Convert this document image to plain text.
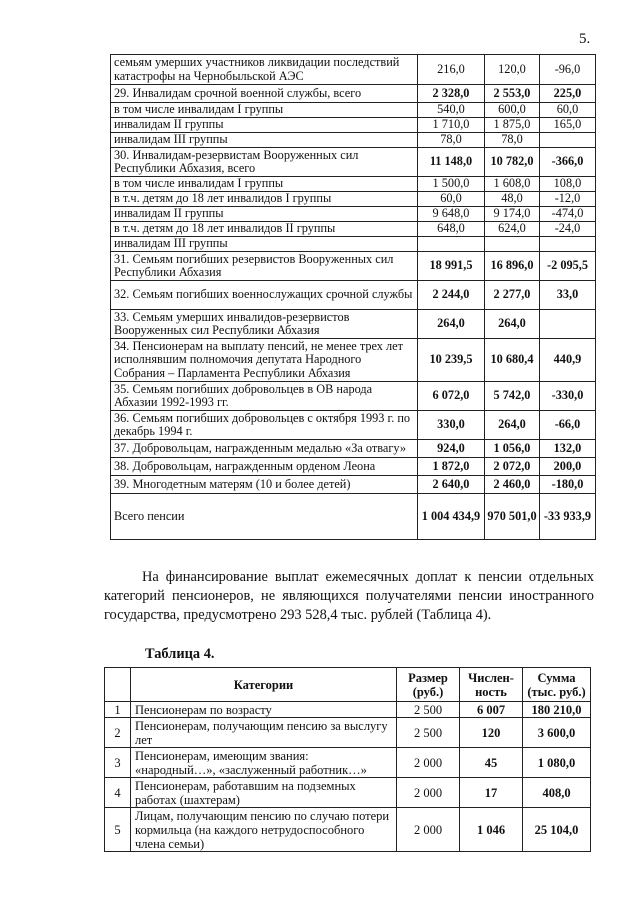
5.
семьям умерших участников ликвидации последствий катастрофы на Чернобыльской АЭС	216,0	120,0	-96,0
29. Инвалидам срочной военной службы, всего	2 328,0	2 553,0	225,0
в том числе инвалидам I группы	540,0	600,0	60,0
инвалидам II группы	1 710,0	1 875,0	165,0
инвалидам III группы	78,0	78,0	
30. Инвалидам-резервистам Вооруженных сил Республики Абхазия, всего	11 148,0	10 782,0	-366,0
в том числе инвалидам I группы	1 500,0	1 608,0	108,0
в т.ч. детям до 18 лет инвалидов I группы	60,0	48,0	-12,0
инвалидам II группы	9 648,0	9 174,0	-474,0
в т.ч. детям до 18 лет инвалидов II группы	648,0	624,0	-24,0
инвалидам III группы			
31. Семьям погибших резервистов Вооруженных сил Республики Абхазия	18 991,5	16 896,0	-2 095,5
32. Семьям погибших военнослужащих срочной службы	2 244,0	2 277,0	33,0
33. Семьям умерших инвалидов-резервистов Вооруженных сил Республики Абхазия	264,0	264,0	
34. Пенсионерам на выплату пенсий, не менее трех лет исполнявшим полномочия депутата Народного Собрания – Парламента Республики Абхазия	10 239,5	10 680,4	440,9
35. Семьям погибших добровольцев в ОВ народа Абхазии 1992-1993 гг.	6 072,0	5 742,0	-330,0
36. Семьям погибших добровольцев с октября 1993 г. по декабрь 1994 г.	330,0	264,0	-66,0
37. Добровольцам, награжденным медалью «За отвагу»	924,0	1 056,0	132,0
38. Добровольцам, награжденным орденом Леона	1 872,0	2 072,0	200,0
39. Многодетным матерям (10 и более детей)	2 640,0	2 460,0	-180,0
Всего пенсии	1 004 434,9	970 501,0	-33 933,9
На финансирование выплат ежемесячных доплат к пенсии отдельных категорий пенсионеров, не являющихся получателями пенсии иностранного государства, предусмотрено 293 528,4 тыс. рублей (Таблица 4).
Таблица 4.
	Категории	Размер (руб.)	Числен-ность	Сумма (тыс. руб.)
1	Пенсионерам по возрасту	2 500	6 007	180 210,0
2	Пенсионерам, получающим пенсию за выслугу лет	2 500	120	3 600,0
3	Пенсионерам, имеющим звания: «народный…», «заслуженный работник…»	2 000	45	1 080,0
4	Пенсионерам, работавшим на подземных работах (шахтерам)	2 000	17	408,0
5	Лицам, получающим пенсию по случаю потери кормильца (на каждого нетрудоспособного члена семьи)	2 000	1 046	25 104,0
